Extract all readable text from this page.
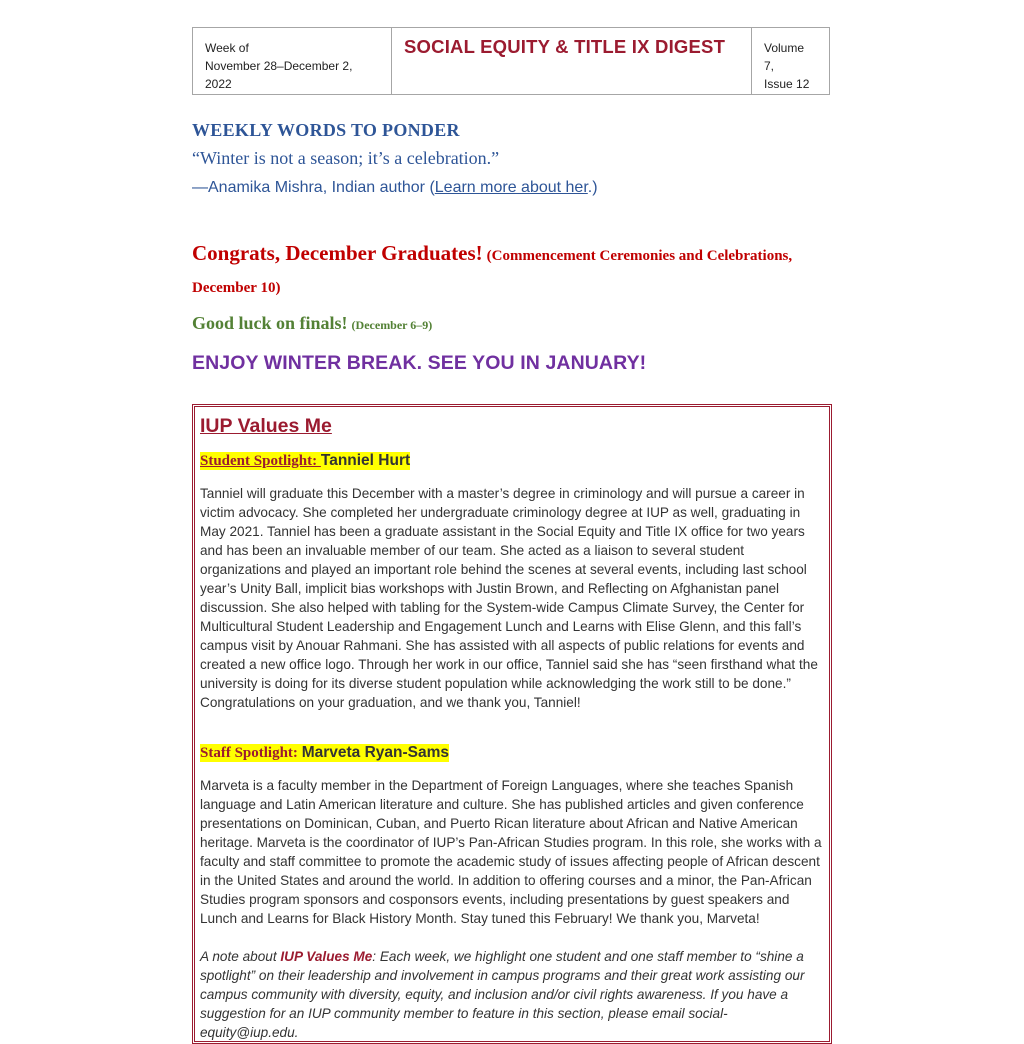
Week of
November 28–December 2, 2022
SOCIAL EQUITY & TITLE IX DIGEST	Volume 7,
Issue 12
WEEKLY WORDS TO PONDER
“Winter is not a season; it’s a celebration.”
—Anamika Mishra, Indian author (Learn more about her.)
Congrats, December Graduates! (Commencement Ceremonies and Celebrations, December 10)
Good luck on finals! (December 6–9)
ENJOY WINTER BREAK. SEE YOU IN JANUARY!
IUP Values Me
Student Spotlight: Tanniel Hurt
Tanniel will graduate this December with a master’s degree in criminology and will pursue a career in victim advocacy. She completed her undergraduate criminology degree at IUP as well, graduating in May 2021. Tanniel has been a graduate assistant in the Social Equity and Title IX office for two years and has been an invaluable member of our team. She acted as a liaison to several student organizations and played an important role behind the scenes at several events, including last school year’s Unity Ball, implicit bias workshops with Justin Brown, and Reflecting on Afghanistan panel discussion. She also helped with tabling for the System-wide Campus Climate Survey, the Center for Multicultural Student Leadership and Engagement Lunch and Learns with Elise Glenn, and this fall’s campus visit by Anouar Rahmani. She has assisted with all aspects of public relations for events and created a new office logo. Through her work in our office, Tanniel said she has “seen firsthand what the university is doing for its diverse student population while acknowledging the work still to be done.” Congratulations on your graduation, and we thank you, Tanniel!
Staff Spotlight: Marveta Ryan-Sams
Marveta is a faculty member in the Department of Foreign Languages, where she teaches Spanish language and Latin American literature and culture. She has published articles and given conference presentations on Dominican, Cuban, and Puerto Rican literature about African and Native American heritage. Marveta is the coordinator of IUP’s Pan-African Studies program. In this role, she works with a faculty and staff committee to promote the academic study of issues affecting people of African descent in the United States and around the world. In addition to offering courses and a minor, the Pan-African Studies program sponsors and cosponsors events, including presentations by guest speakers and Lunch and Learns for Black History Month. Stay tuned this February! We thank you, Marveta!
A note about IUP Values Me: Each week, we highlight one student and one staff member to “shine a spotlight” on their leadership and involvement in campus programs and their great work assisting our campus community with diversity, equity, and inclusion and/or civil rights awareness. If you have a suggestion for an IUP community member to feature in this section, please email social-equity@iup.edu.
